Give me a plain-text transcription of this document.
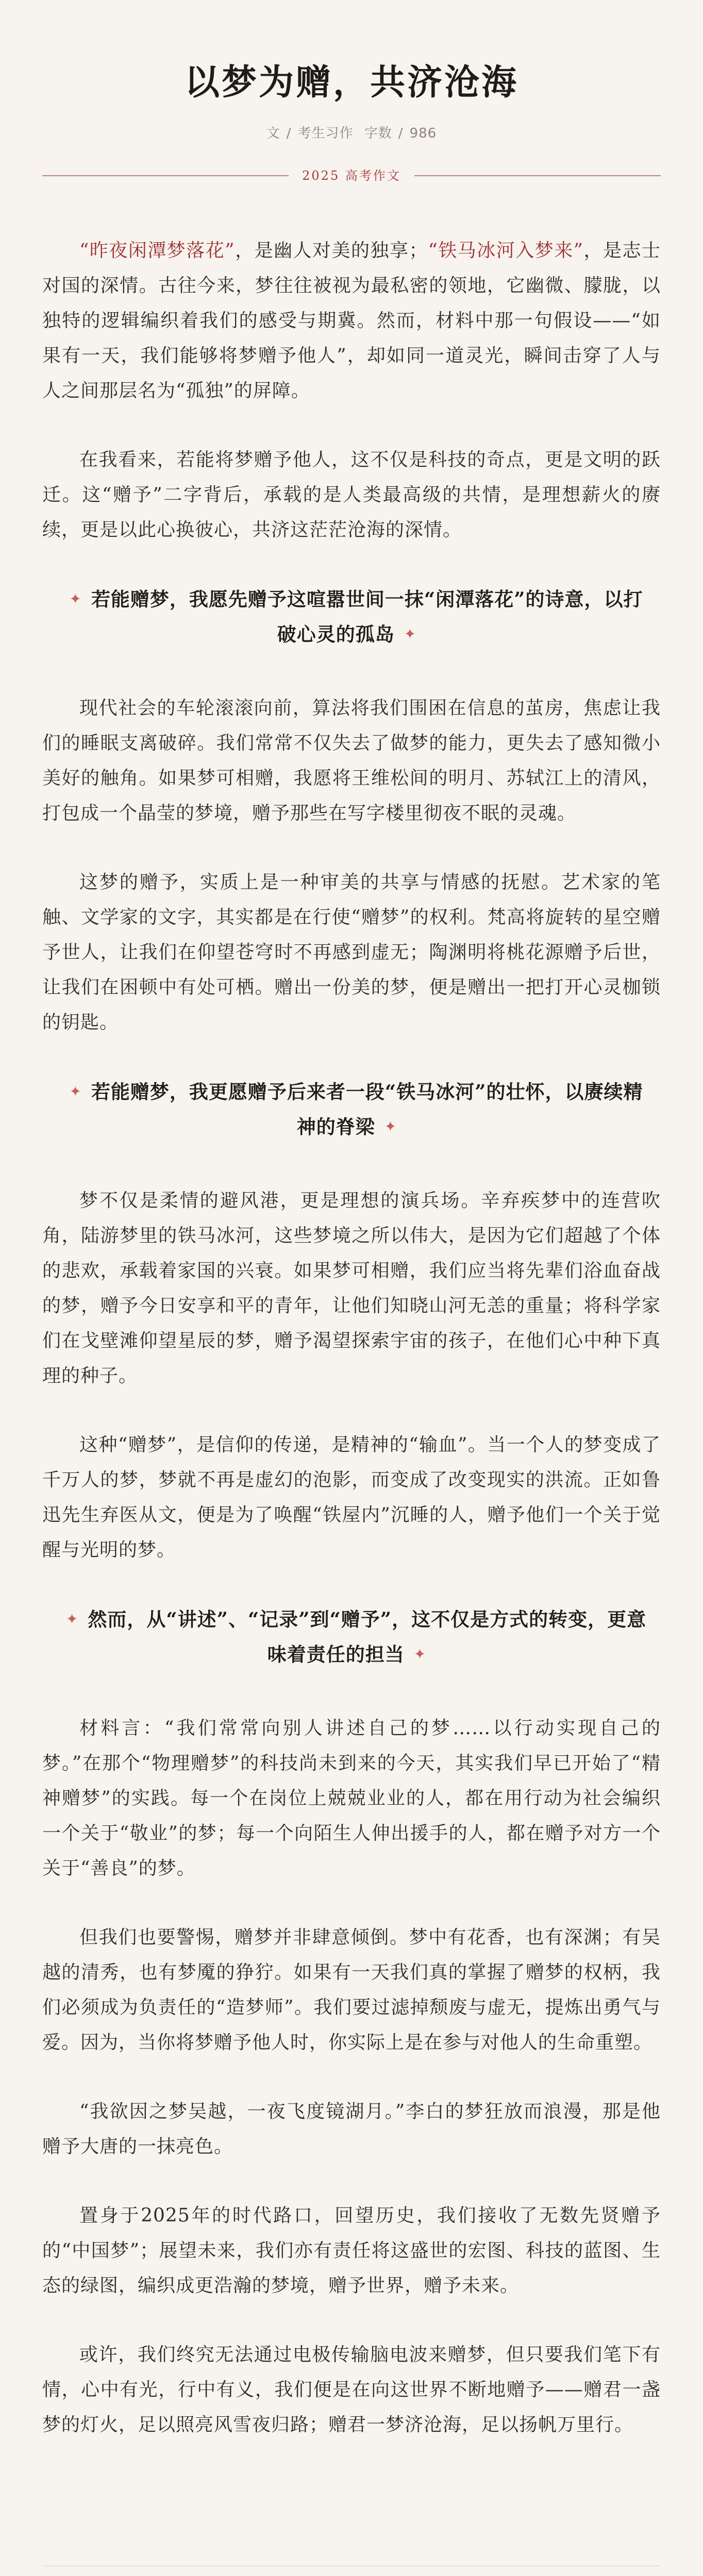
以梦为赠，共济沧海
文 / 考生习作 字数 / 986
2025 高考作文

“昨夜闲潭梦落花”，是幽人对美的独享；“铁马冰河入梦来”，是志士对国的深情。古往今来，梦往往被视为最私密的领地，它幽微、朦胧，以独特的逻辑编织着我们的感受与期冀。然而，材料中那一句假设——“如果有一天，我们能够将梦赠予他人”，却如同一道灵光，瞬间击穿了人与人之间那层名为“孤独”的屏障。

在我看来，若能将梦赠予他人，这不仅是科技的奇点，更是文明的跃迁。这“赠予”二字背后，承载的是人类最高级的共情，是理想薪火的赓续，更是以此心换彼心，共济这茫茫沧海的深情。

✦ 若能赠梦，我愿先赠予这喧嚣世间一抹“闲潭落花”的诗意，以打破心灵的孤岛 ✦

现代社会的车轮滚滚向前，算法将我们围困在信息的茧房，焦虑让我们的睡眠支离破碎。我们常常不仅失去了做梦的能力，更失去了感知微小美好的触角。如果梦可相赠，我愿将王维松间的明月、苏轼江上的清风，打包成一个晶莹的梦境，赠予那些在写字楼里彻夜不眠的灵魂。

这梦的赠予，实质上是一种审美的共享与情感的抚慰。艺术家的笔触、文学家的文字，其实都是在行使“赠梦”的权利。梵高将旋转的星空赠予世人，让我们在仰望苍穹时不再感到虚无；陶渊明将桃花源赠予后世，让我们在困顿中有处可栖。赠出一份美的梦，便是赠出一把打开心灵枷锁的钥匙。

✦ 若能赠梦，我更愿赠予后来者一段“铁马冰河”的壮怀，以赓续精神的脊梁 ✦

梦不仅是柔情的避风港，更是理想的演兵场。辛弃疾梦中的连营吹角，陆游梦里的铁马冰河，这些梦境之所以伟大，是因为它们超越了个体的悲欢，承载着家国的兴衰。如果梦可相赠，我们应当将先辈们浴血奋战的梦，赠予今日安享和平的青年，让他们知晓山河无恙的重量；将科学家们在戈壁滩仰望星辰的梦，赠予渴望探索宇宙的孩子，在他们心中种下真理的种子。

这种“赠梦”，是信仰的传递，是精神的“输血”。当一个人的梦变成了千万人的梦，梦就不再是虚幻的泡影，而变成了改变现实的洪流。正如鲁迅先生弃医从文，便是为了唤醒“铁屋内”沉睡的人，赠予他们一个关于觉醒与光明的梦。

✦ 然而，从“讲述”、“记录”到“赠予”，这不仅是方式的转变，更意味着责任的担当 ✦

材料言：“我们常常向别人讲述自己的梦……以行动实现自己的梦。”在那个“物理赠梦”的科技尚未到来的今天，其实我们早已开始了“精神赠梦”的实践。每一个在岗位上兢兢业业的人，都在用行动为社会编织一个关于“敬业”的梦；每一个向陌生人伸出援手的人，都在赠予对方一个关于“善良”的梦。

但我们也要警惕，赠梦并非肆意倾倒。梦中有花香，也有深渊；有吴越的清秀，也有梦魇的狰狞。如果有一天我们真的掌握了赠梦的权柄，我们必须成为负责任的“造梦师”。我们要过滤掉颓废与虚无，提炼出勇气与爱。因为，当你将梦赠予他人时，你实际上是在参与对他人的生命重塑。

“我欲因之梦吴越，一夜飞度镜湖月。”李白的梦狂放而浪漫，那是他赠予大唐的一抹亮色。

置身于2025年的时代路口，回望历史，我们接收了无数先贤赠予的“中国梦”；展望未来，我们亦有责任将这盛世的宏图、科技的蓝图、生态的绿图，编织成更浩瀚的梦境，赠予世界，赠予未来。

或许，我们终究无法通过电极传输脑电波来赠梦，但只要我们笔下有情，心中有光，行中有义，我们便是在向这世界不断地赠予——赠君一盏梦的灯火，足以照亮风雪夜归路；赠君一梦济沧海，足以扬帆万里行。
